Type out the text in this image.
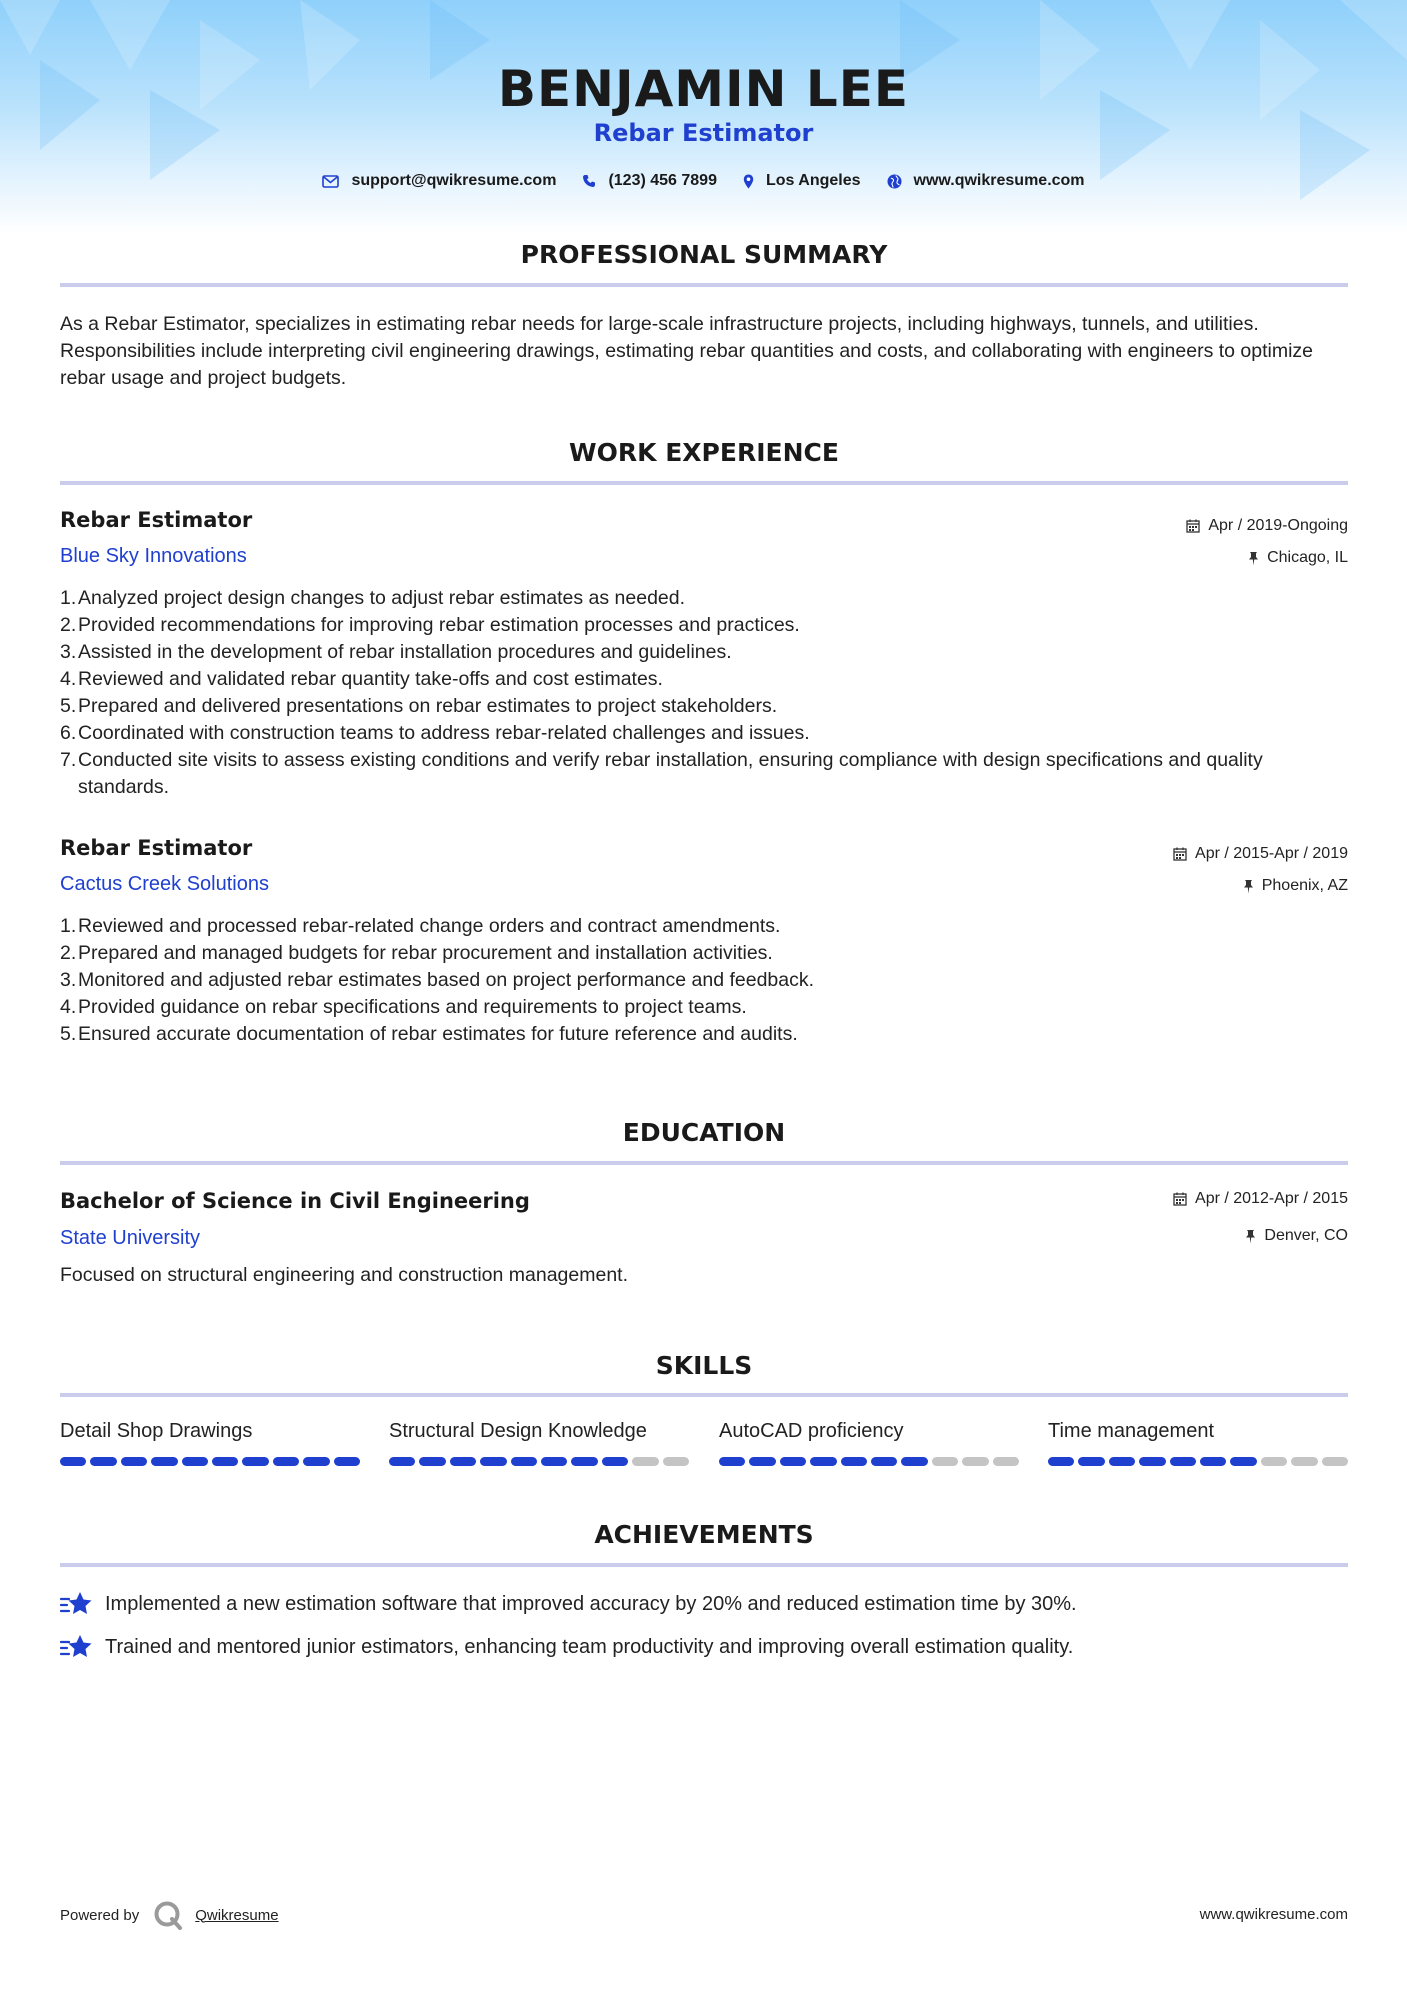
BENJAMIN LEE
Rebar Estimator
support@qwikresume.com	(123) 456 7899	Los Angeles	www.qwikresume.com
PROFESSIONAL SUMMARY
As a Rebar Estimator, specializes in estimating rebar needs for large-scale infrastructure projects, including highways, tunnels, and utilities. Responsibilities include interpreting civil engineering drawings, estimating rebar quantities and costs, and collaborating with engineers to optimize rebar usage and project budgets.
WORK EXPERIENCE
Rebar Estimator	Apr / 2019-Ongoing
Blue Sky Innovations	Chicago, IL
1. Analyzed project design changes to adjust rebar estimates as needed.
2. Provided recommendations for improving rebar estimation processes and practices.
3. Assisted in the development of rebar installation procedures and guidelines.
4. Reviewed and validated rebar quantity take-offs and cost estimates.
5. Prepared and delivered presentations on rebar estimates to project stakeholders.
6. Coordinated with construction teams to address rebar-related challenges and issues.
7. Conducted site visits to assess existing conditions and verify rebar installation, ensuring compliance with design specifications and quality standards.
Rebar Estimator	Apr / 2015-Apr / 2019
Cactus Creek Solutions	Phoenix, AZ
1. Reviewed and processed rebar-related change orders and contract amendments.
2. Prepared and managed budgets for rebar procurement and installation activities.
3. Monitored and adjusted rebar estimates based on project performance and feedback.
4. Provided guidance on rebar specifications and requirements to project teams.
5. Ensured accurate documentation of rebar estimates for future reference and audits.
EDUCATION
Bachelor of Science in Civil Engineering	Apr / 2012-Apr / 2015
State University	Denver, CO
Focused on structural engineering and construction management.
SKILLS
Detail Shop Drawings	Structural Design Knowledge	AutoCAD proficiency	Time management
ACHIEVEMENTS
Implemented a new estimation software that improved accuracy by 20% and reduced estimation time by 30%.
Trained and mentored junior estimators, enhancing team productivity and improving overall estimation quality.
Powered by	Qwikresume	www.qwikresume.com
